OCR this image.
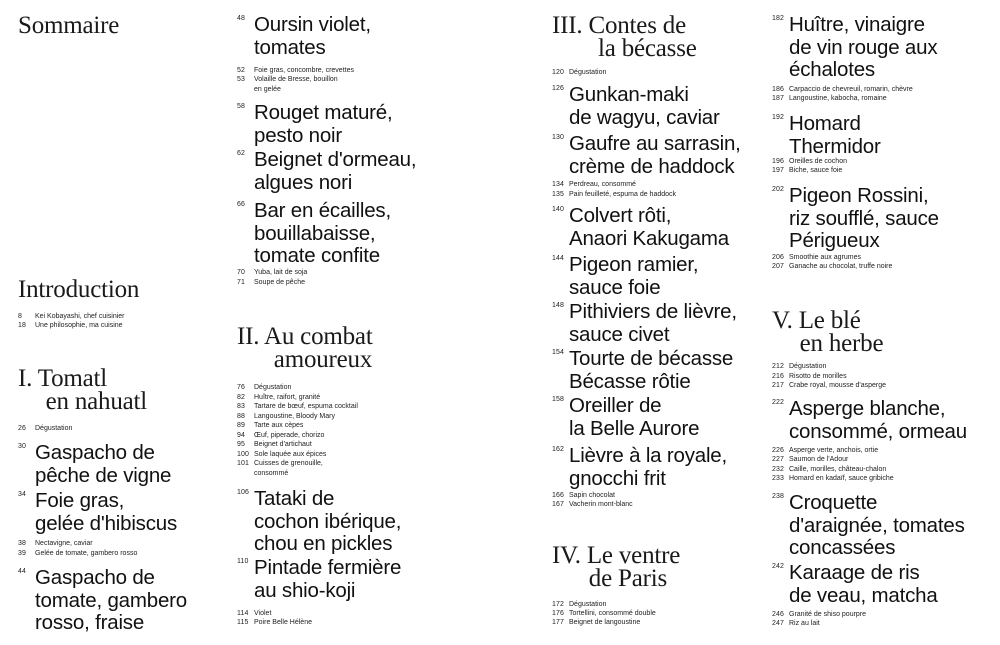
Sommaire
Introduction
8	Kei Kobayashi, chef cuisinier
18	Une philosophie, ma cuisine
I. Tomatl
en nahuatl
26	Dégustation
30 Gaspacho de
pêche de vigne
34 Foie gras,
gelée d'hibiscus
38	Nectavigne, caviar
39	Gelée de tomate, gambero rosso
44 Gaspacho de
tomate, gambero
rosso, fraise
48 Oursin violet,
tomates
52	Foie gras, concombre, crevettes
53	Volaille de Bresse, bouillon
en gelée
58 Rouget maturé,
pesto noir
62 Beignet d'ormeau,
algues nori
66 Bar en écailles,
bouillabaisse,
tomate confite
70	Yuba, lait de soja
71	Soupe de pêche
II. Au combat
amoureux
76	Dégustation
82	Huître, raifort, granité
83	Tartare de bœuf, espuma cocktail
88	Langoustine, Bloody Mary
89	Tarte aux cèpes
94	Œuf, piperade, chorizo
95	Beignet d'artichaut
100 Sole laquée aux épices
101 Cuisses de grenouille,
consommé
106 Tataki de
cochon ibérique,
chou en pickles
110 Pintade fermière
au shio-koji
114 Violet
115 Poire Belle Hélène
III. Contes de
la bécasse
120 Dégustation
126 Gunkan-maki
de wagyu, caviar
130 Gaufre au sarrasin,
crème de haddock
134 Perdreau, consommé
135 Pain feuilleté, espuma de haddock
140 Colvert rôti,
Anaori Kakugama
144 Pigeon ramier,
sauce foie
148 Pithiviers de lièvre,
sauce civet
154 Tourte de bécasse
Bécasse rôtie
158 Oreiller de
la Belle Aurore
162 Lièvre à la royale,
gnocchi frit
166 Sapin chocolat
167 Vacherin mont-blanc
IV. Le ventre
de Paris
172 Dégustation
176 Tortellini, consommé double
177 Beignet de langoustine
182 Huître, vinaigre
de vin rouge aux
échalotes
186 Carpaccio de chevreuil, romarin, chèvre
187 Langoustine, kabocha, romaine
192 Homard
Thermidor
196 Oreilles de cochon
197 Biche, sauce foie
202 Pigeon Rossini,
riz soufflé, sauce
Périgueux
206 Smoothie aux agrumes
207 Ganache au chocolat, truffe noire
V. Le blé
en herbe
212 Dégustation
216 Risotto de morilles
217 Crabe royal, mousse d'asperge
222 Asperge blanche,
consommé, ormeau
226 Asperge verte, anchois, ortie
227 Saumon de l'Adour
232 Caille, morilles, château-chalon
233 Homard en kadaïf, sauce gribiche
238 Croquette
d'araignée, tomates
concassées
242 Karaage de ris
de veau, matcha
246 Granité de shiso pourpre
247 Riz au lait
